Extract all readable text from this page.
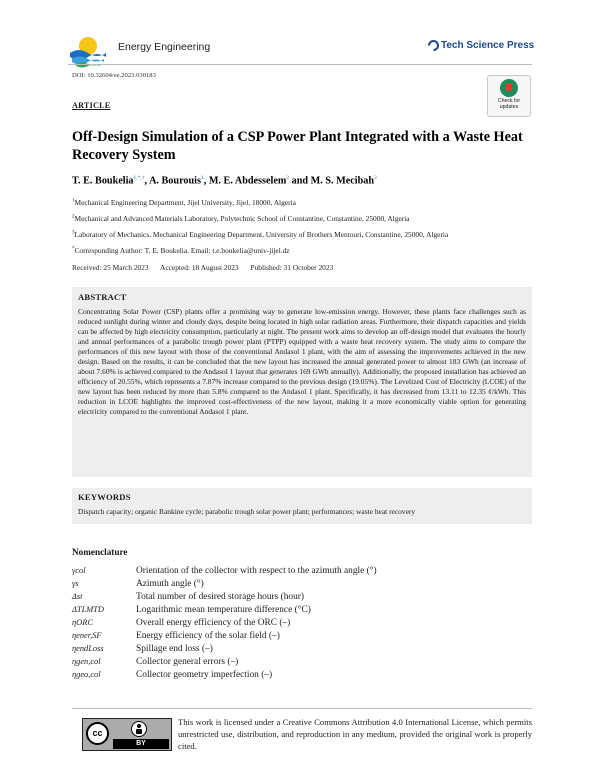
Energy Engineering	Tech Science Press
DOI: 10.32604/ee.2023.030183
Check for
updates
ARTICLE
Off-Design Simulation of a CSP Power Plant Integrated with a Waste Heat Recovery System
T. E. Boukelia$^{1,*,\dagger}$, A. Bourouis$^1$, M. E. Abdesselem$^2$ and M. S. Mecibah$^3$
$^1$Mechanical Engineering Department, Jijel University, Jijel, 18000, Algeria
$^2$Mechanical and Advanced Materials Laboratory, Polytechnic School of Constantine, Constantine, 25000, Algeria
$^3$Laboratory of Mechanics, Mechanical Engineering Department, University of Brothers Mentouri, Constantine, 25000, Algeria
*Corresponding Author: T. E. Boukelia. Email: t.e.boukelia@univ-jijel.dz
Received: 25 March 2023 Accepted: 18 August 2023 Published: 31 October 2023
ABSTRACT
Concentrating Solar Power (CSP) plants offer a promising way to generate low-emission energy. However, these plants face challenges such as reduced sunlight during winter and cloudy days, despite being located in high solar radiation areas. Furthermore, their dispatch capacities and yields can be affected by high electricity consumption, particularly at night. The present work aims to develop an off-design model that evaluates the hourly and annual performances of a parabolic trough power plant (PTPP) equipped with a waste heat recovery system. The study aims to compare the performances of this new layout with those of the conventional Andasol 1 plant, with the aim of assessing the improvements achieved in the new design. Based on the results, it can be concluded that the new layout has increased the annual generated power to almost 183 GWh (an increase of about 7.60% is achieved compared to the Andasol 1 layout that generates 169 GWh annually). Additionally, the proposed installation has achieved an efficiency of 20.55%, which represents a 7.87% increase compared to the previous design (19.05%). The Levelized Cost of Electricity (LCOE) of the new layout has been reduced by more than 5.8% compared to the Andasol 1 plant. Specifically, it has decreased from 13.11 to 12.35 ¢/kWh. This reduction in LCOE highlights the improved cost-effectiveness of the new layout, making it a more economically viable option for generating electricity compared to the conventional Andasol 1 plant.
KEYWORDS
Dispatch capacity; organic Rankine cycle; parabolic trough solar power plant; performances; waste heat recovery
Nomenclature
γcol	Orientation of the collector with respect to the azimuth angle (°)
γs	Azimuth angle (°)
Δst	Total number of desired storage hours (hour)
ΔTLMTD	Logarithmic mean temperature difference (°C)
ηORC	Overall energy efficiency of the ORC (–)
ηener,SF	Energy efficiency of the solar field (–)
ηendLoss	Spillage end loss (–)
ηgen,col	Collector general errors (–)
ηgeo,col	Collector geometry imperfection (–)
cc
BY
This work is licensed under a Creative Commons Attribution 4.0 International License, which permits unrestricted use, distribution, and reproduction in any medium, provided the original work is properly cited.
